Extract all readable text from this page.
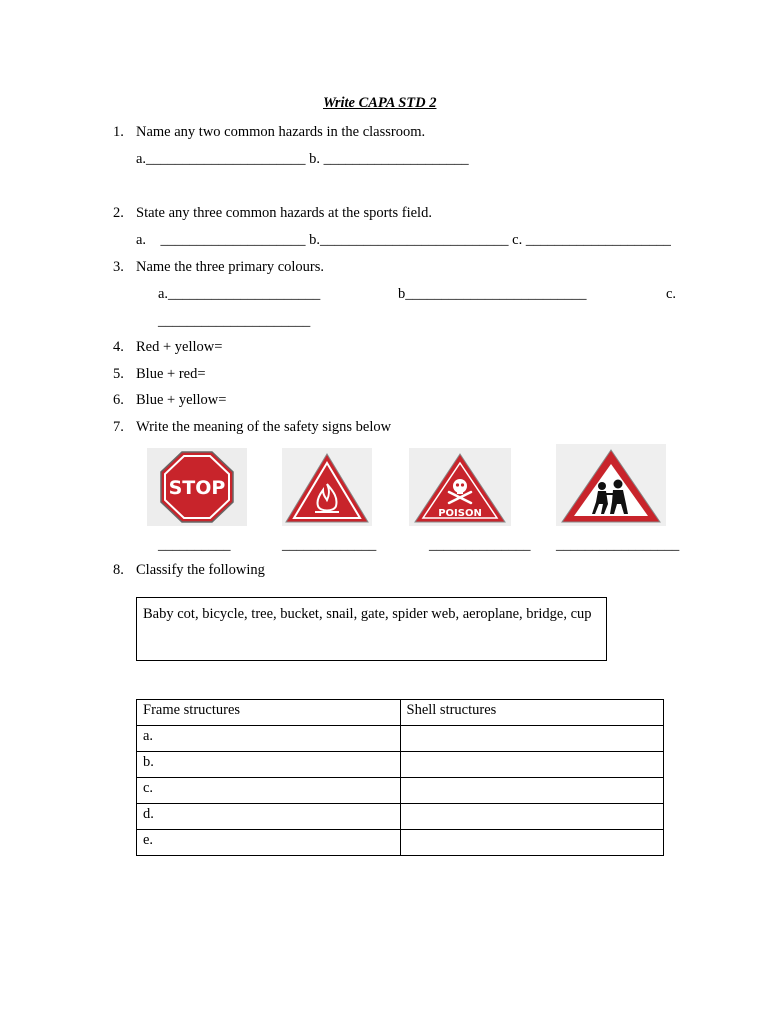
Write CAPA STD 2
1. Name any two common hazards in the classroom.
a.______________________ b. ____________________
2. State any three common hazards at the sports field.
a.    ____________________ b.__________________________ c. ____________________
3. Name the three primary colours.
a._____________________	b_________________________	c.
_____________________
4. Red + yellow=
5. Blue + red=
6. Blue + yellow=
7. Write the meaning of the safety signs below
STOP
POISON
__________	_____________	______________ _________________
8. Classify the following
Baby cot, bicycle, tree, bucket, snail, gate, spider web, aeroplane, bridge, cup
Frame structures	Shell structures
a.	
b.	
c.	
d.	
e.	
